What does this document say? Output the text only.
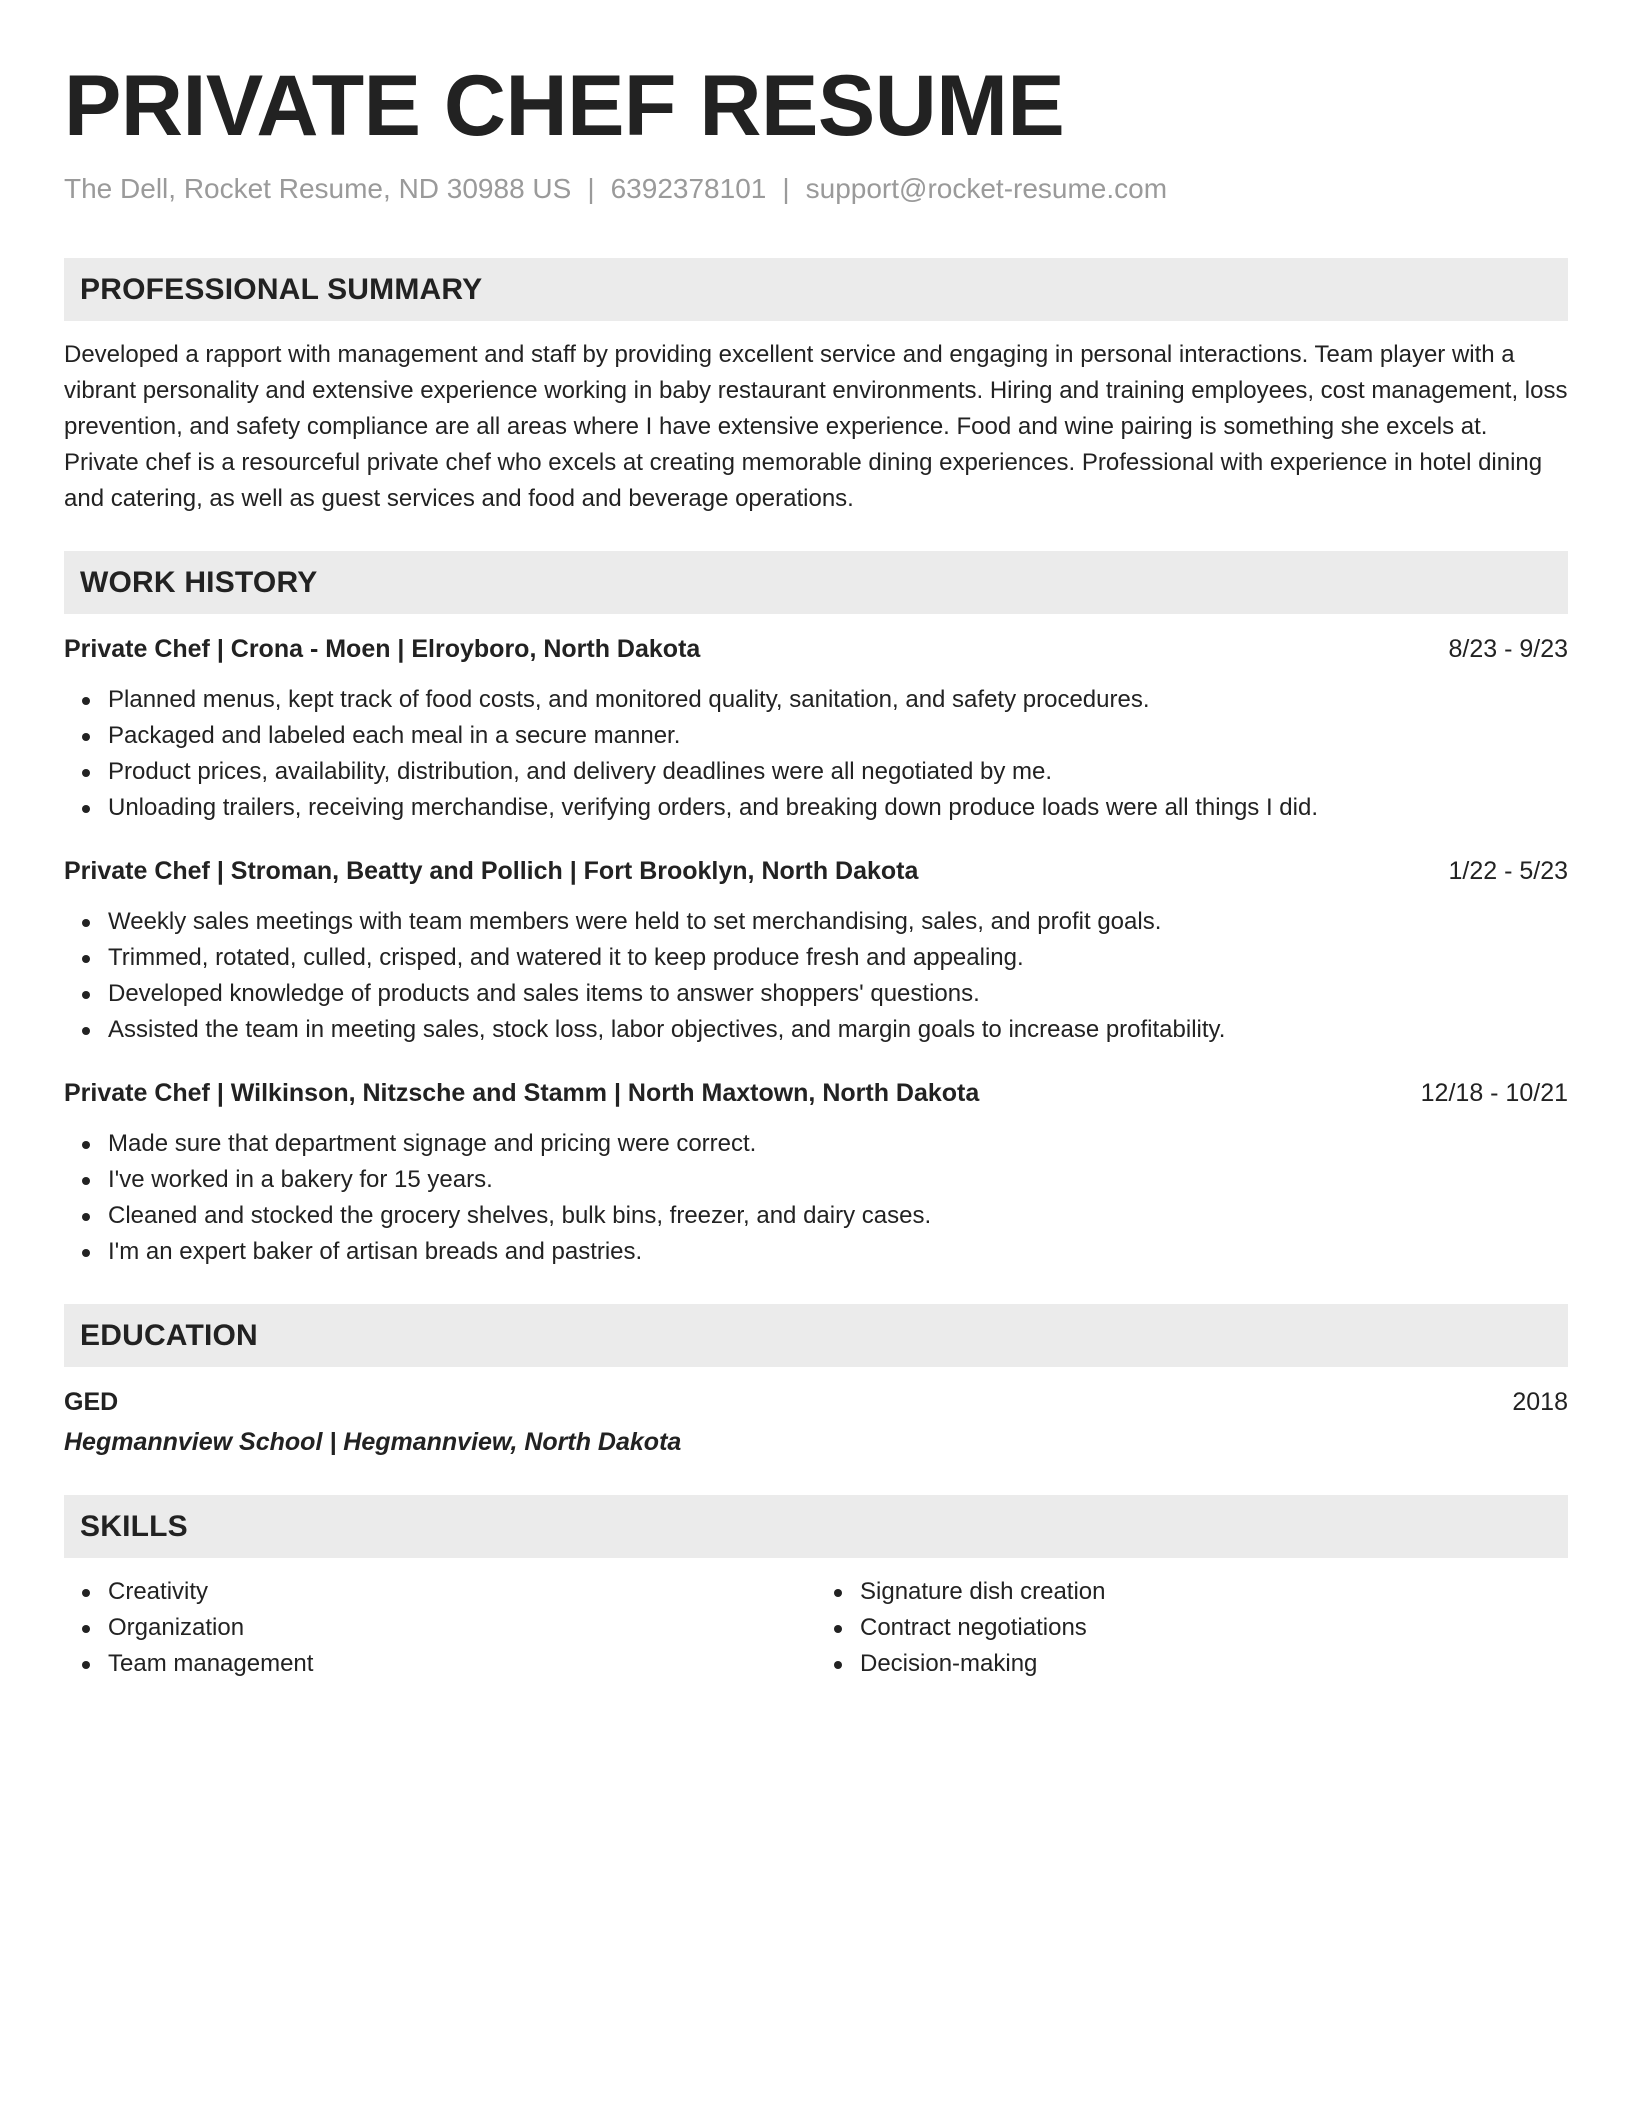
PRIVATE CHEF RESUME
The Dell, Rocket Resume, ND 30988 US | 6392378101 | support@rocket-resume.com
PROFESSIONAL SUMMARY
Developed a rapport with management and staff by providing excellent service and engaging in personal interactions. Team player with a vibrant personality and extensive experience working in baby restaurant environments. Hiring and training employees, cost management, loss prevention, and safety compliance are all areas where I have extensive experience. Food and wine pairing is something she excels at. Private chef is a resourceful private chef who excels at creating memorable dining experiences. Professional with experience in hotel dining and catering, as well as guest services and food and beverage operations.
WORK HISTORY
Private Chef | Crona - Moen | Elroyboro, North Dakota	8/23 - 9/23
Planned menus, kept track of food costs, and monitored quality, sanitation, and safety procedures.
Packaged and labeled each meal in a secure manner.
Product prices, availability, distribution, and delivery deadlines were all negotiated by me.
Unloading trailers, receiving merchandise, verifying orders, and breaking down produce loads were all things I did.
Private Chef | Stroman, Beatty and Pollich | Fort Brooklyn, North Dakota	1/22 - 5/23
Weekly sales meetings with team members were held to set merchandising, sales, and profit goals.
Trimmed, rotated, culled, crisped, and watered it to keep produce fresh and appealing.
Developed knowledge of products and sales items to answer shoppers' questions.
Assisted the team in meeting sales, stock loss, labor objectives, and margin goals to increase profitability.
Private Chef | Wilkinson, Nitzsche and Stamm | North Maxtown, North Dakota	12/18 - 10/21
Made sure that department signage and pricing were correct.
I've worked in a bakery for 15 years.
Cleaned and stocked the grocery shelves, bulk bins, freezer, and dairy cases.
I'm an expert baker of artisan breads and pastries.
EDUCATION
GED	2018
Hegmannview School | Hegmannview, North Dakota
SKILLS
Creativity
Organization
Team management
Signature dish creation
Contract negotiations
Decision-making
